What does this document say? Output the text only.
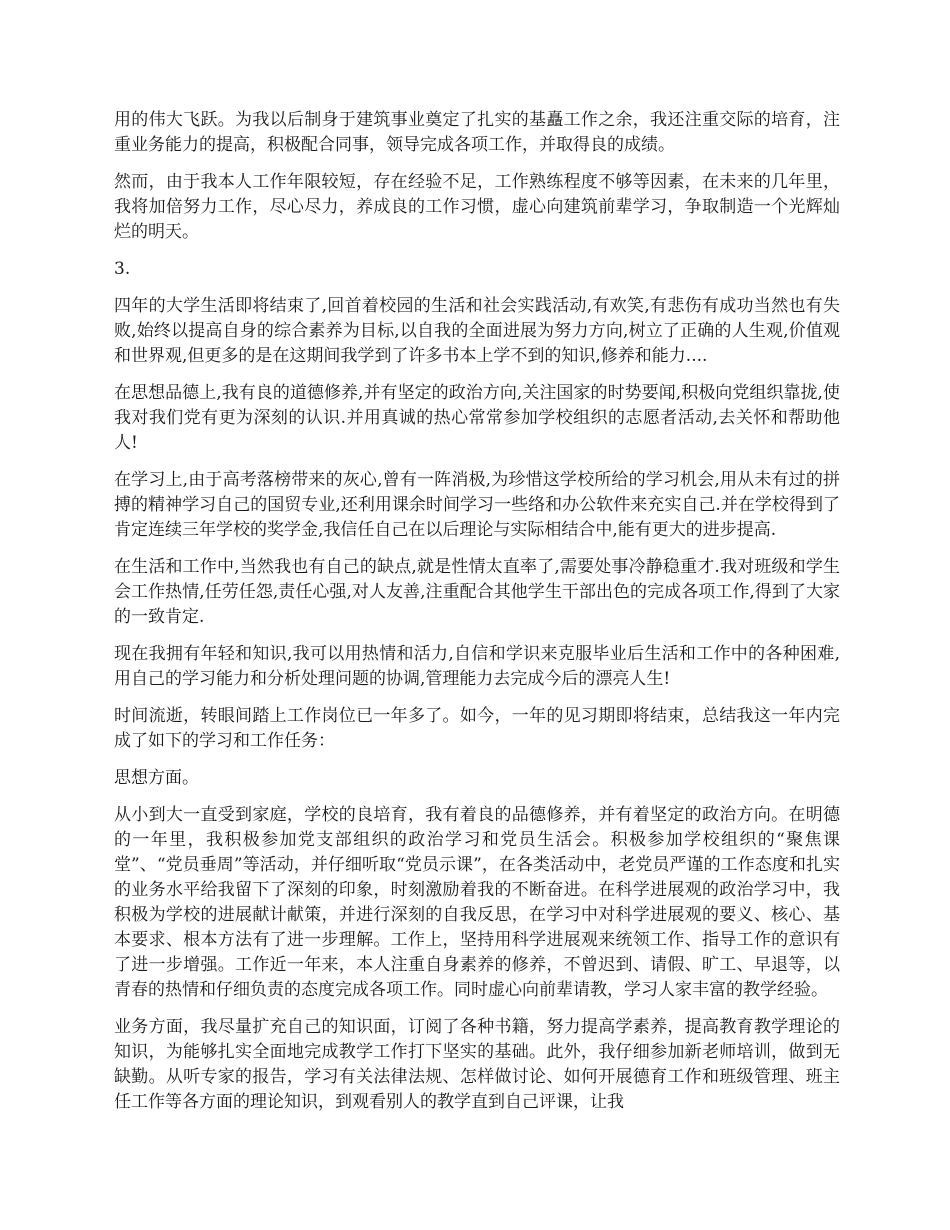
用的伟大飞跃。为我以后制身于建筑事业奠定了扎实的基矗工作之余，我还注重交际的培育，注重业务能力的提高，积极配合同事，领导完成各项工作，并取得良的成绩。

然而，由于我本人工作年限较短，存在经验不足，工作熟练程度不够等因素，在未来的几年里，我将加倍努力工作，尽心尽力，养成良的工作习惯，虚心向建筑前辈学习，争取制造一个光辉灿烂的明天。

3.

四年的大学生活即将结束了,回首着校园的生活和社会实践活动,有欢笑,有悲伤有成功当然也有失败,始终以提高自身的综合素养为目标,以自我的全面进展为努力方向,树立了正确的人生观,价值观和世界观,但更多的是在这期间我学到了许多书本上学不到的知识,修养和能力....

在思想品德上,我有良的道德修养,并有坚定的政治方向,关注国家的时势要闻,积极向党组织靠拢,使我对我们党有更为深刻的认识.并用真诚的热心常常参加学校组织的志愿者活动,去关怀和帮助他人!

在学习上,由于高考落榜带来的灰心,曾有一阵消极,为珍惜这学校所给的学习机会,用从未有过的拼搏的精神学习自己的国贸专业,还利用课余时间学习一些络和办公软件来充实自己.并在学校得到了肯定连续三年学校的奖学金,我信任自己在以后理论与实际相结合中,能有更大的进步提高.

在生活和工作中,当然我也有自己的缺点,就是性情太直率了,需要处事冷静稳重才.我对班级和学生会工作热情,任劳任怨,责任心强,对人友善,注重配合其他学生干部出色的完成各项工作,得到了大家的一致肯定.

现在我拥有年轻和知识,我可以用热情和活力,自信和学识来克服毕业后生活和工作中的各种困难,用自己的学习能力和分析处理问题的协调,管理能力去完成今后的漂亮人生!

时间流逝，转眼间踏上工作岗位已一年多了。如今，一年的见习期即将结束，总结我这一年内完成了如下的学习和工作任务：

思想方面。

从小到大一直受到家庭，学校的良培育，我有着良的品德修养，并有着坚定的政治方向。在明德的一年里，我积极参加党支部组织的政治学习和党员生活会。积极参加学校组织的“聚焦课堂”、“党员垂周”等活动，并仔细听取“党员示课”，在各类活动中，老党员严谨的工作态度和扎实的业务水平给我留下了深刻的印象，时刻激励着我的不断奋进。在科学进展观的政治学习中，我积极为学校的进展献计献策，并进行深刻的自我反思，在学习中对科学进展观的要义、核心、基本要求、根本方法有了进一步理解。工作上，坚持用科学进展观来统领工作、指导工作的意识有了进一步增强。工作近一年来，本人注重自身素养的修养，不曾迟到、请假、旷工、早退等，以青春的热情和仔细负责的态度完成各项工作。同时虚心向前辈请教，学习人家丰富的教学经验。

业务方面，我尽量扩充自己的知识面，订阅了各种书籍，努力提高学素养，提高教育教学理论的知识，为能够扎实全面地完成教学工作打下坚实的基础。此外，我仔细参加新老师培训，做到无缺勤。从听专家的报告，学习有关法律法规、怎样做讨论、如何开展德育工作和班级管理、班主任工作等各方面的理论知识，到观看别人的教学直到自己评课，让我
